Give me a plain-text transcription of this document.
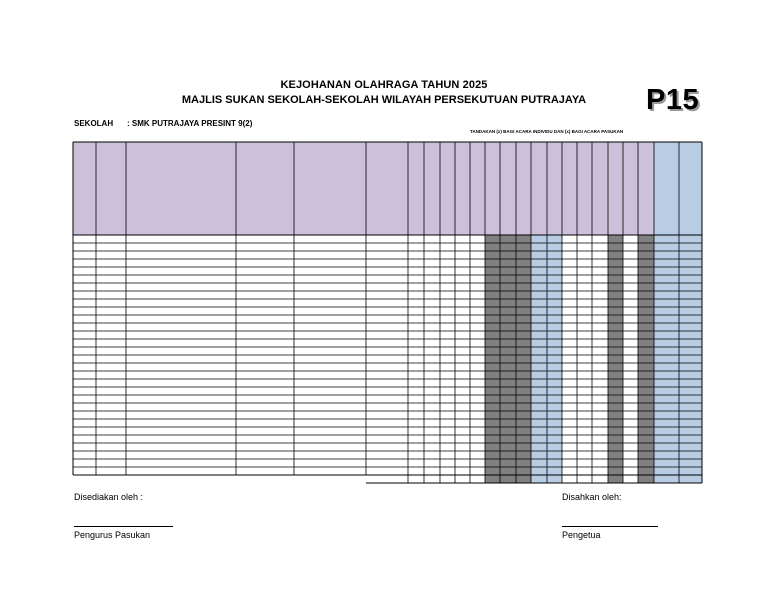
KEJOHANAN OLAHRAGA TAHUN 2025
MAJLIS SUKAN SEKOLAH-SEKOLAH WILAYAH PERSEKUTUAN PUTRAJAYA	P15
SEKOLAH : SMK PUTRAJAYA PRESINT 9(2)
TANDAKAN (x) BAGI ACARA INDIVIDU DAN (x) BAGI ACARA PASUKAN
Disediakan oleh :
Pengurus Pasukan
Disahkan oleh:
Pengetua
